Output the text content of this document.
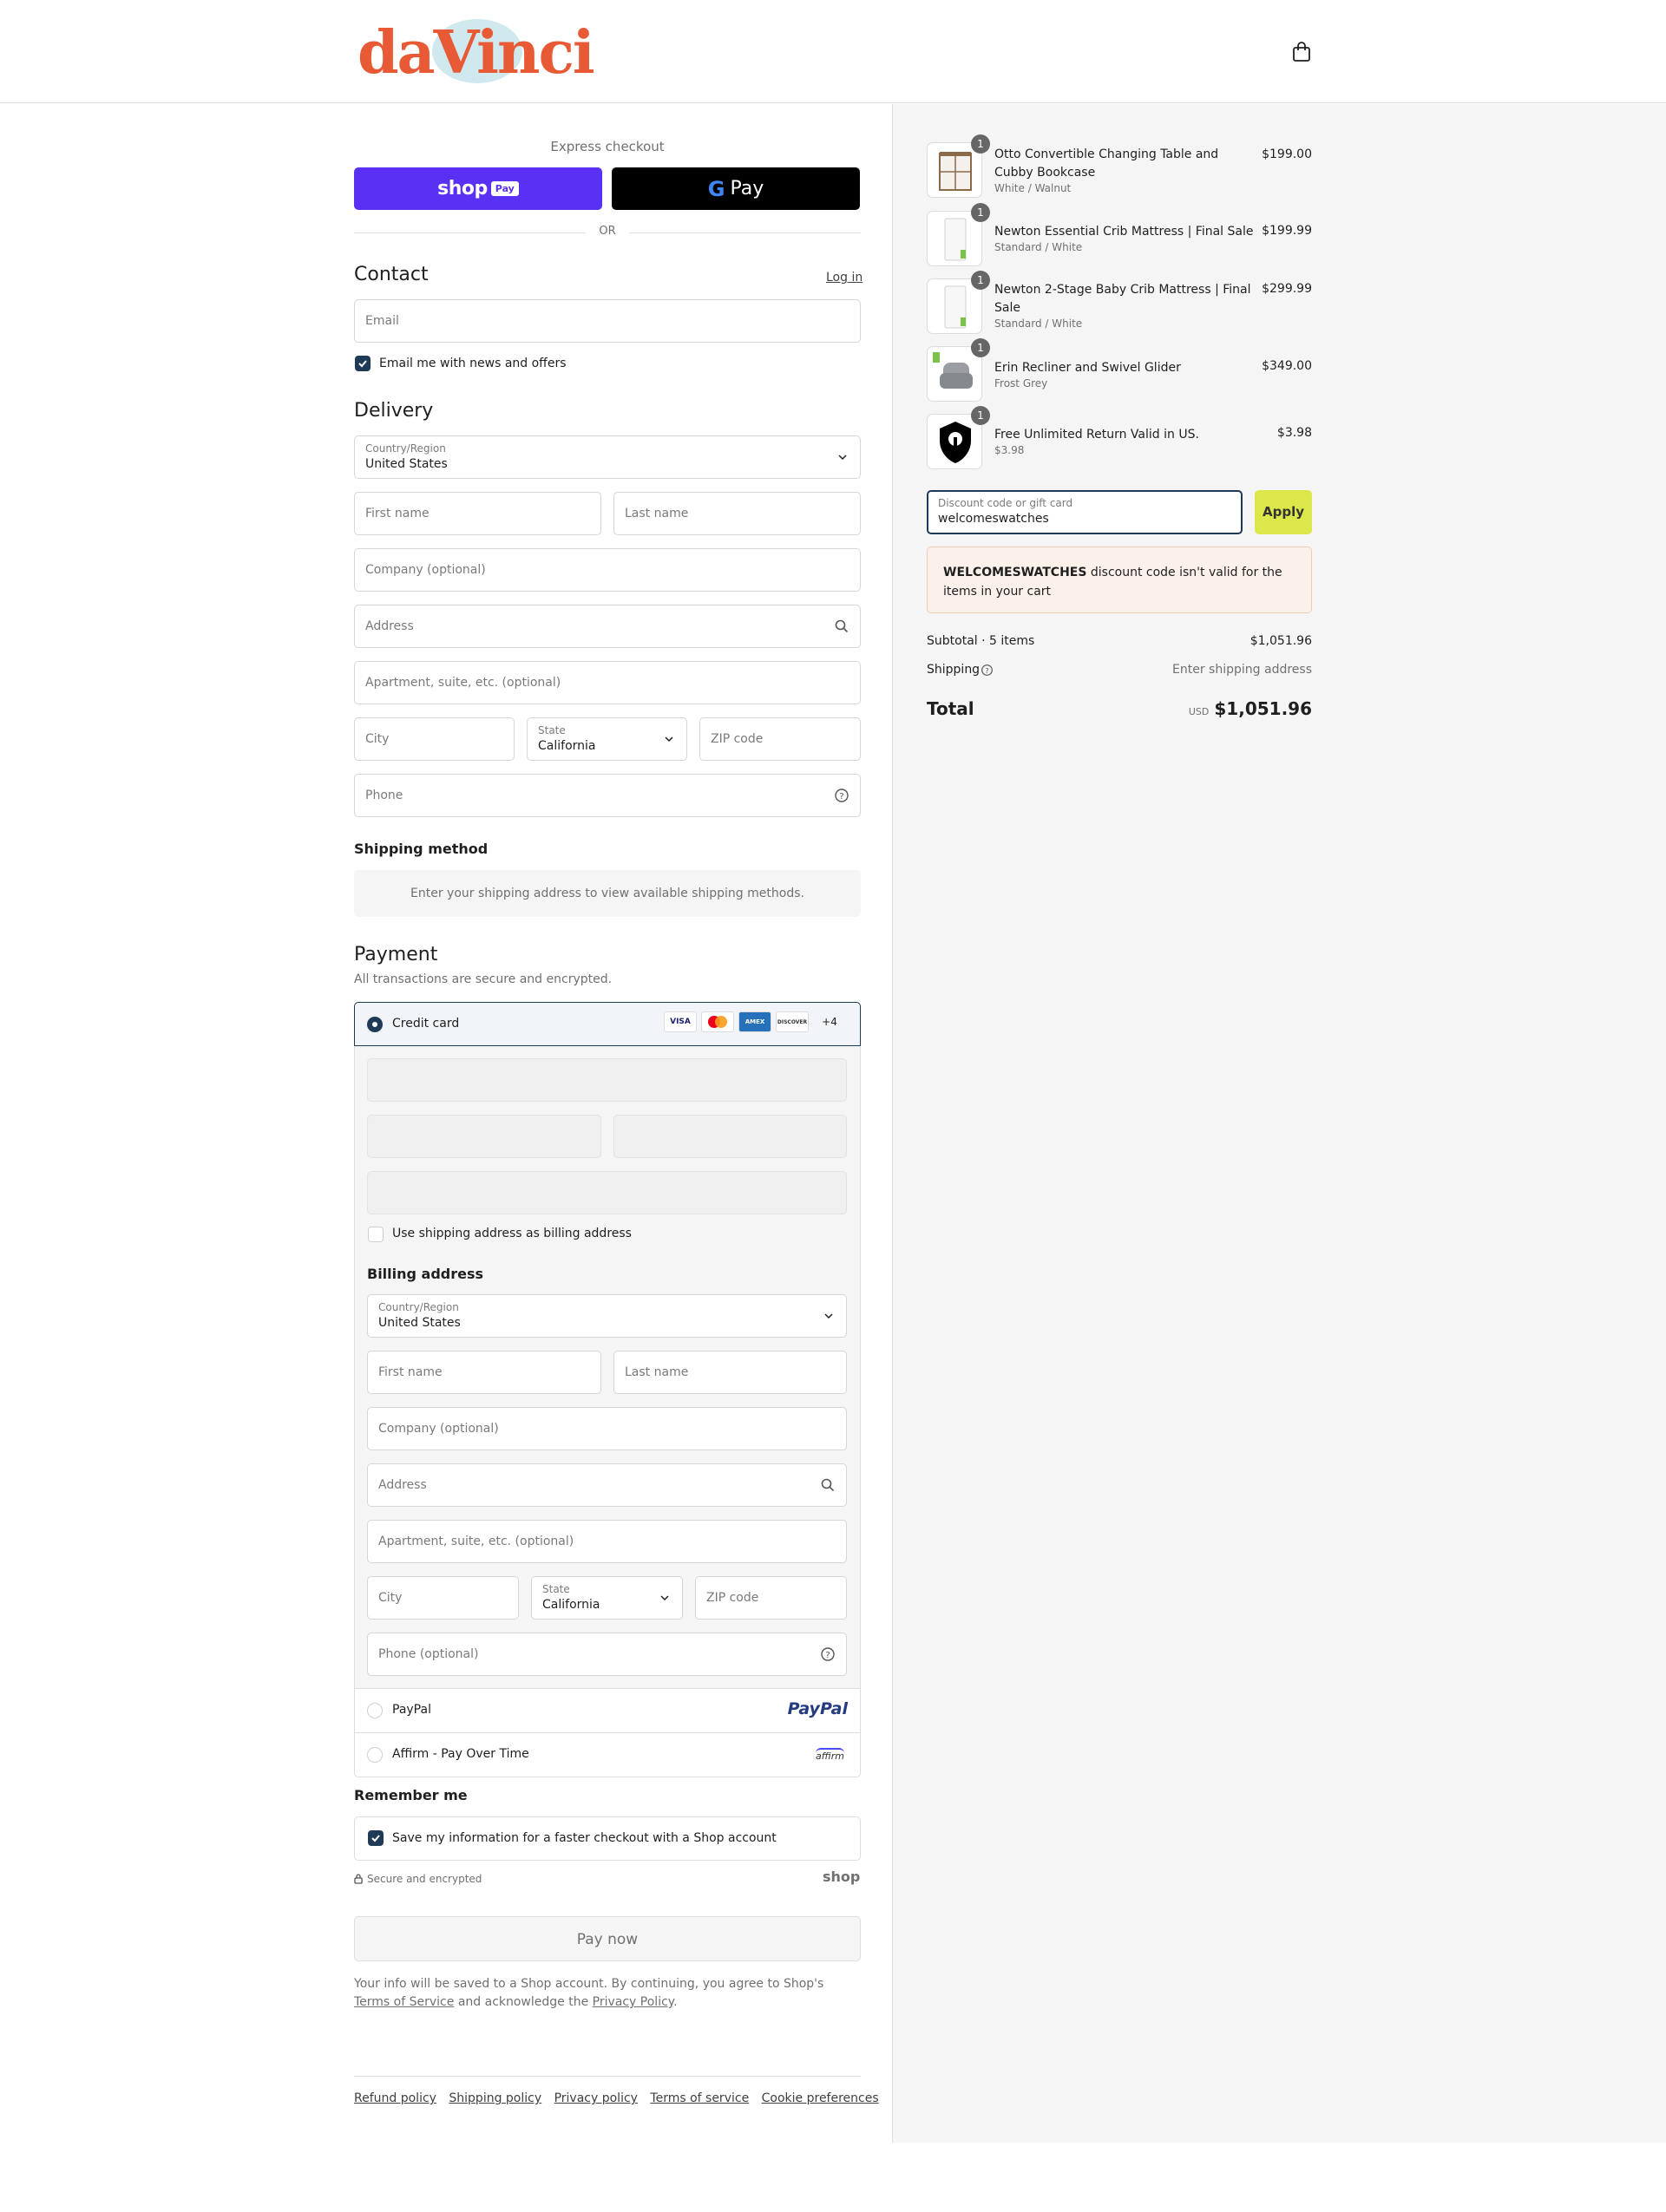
daVinci
Express checkout
shop Pay	G Pay
OR
Contact	Log in
Email
Email me with news and offers
Delivery
Country/Region
United States
First name	Last name
Company (optional)
Address
Apartment, suite, etc. (optional)
City
State
California	ZIP code
Phone	?
Shipping method
Enter your shipping address to view available shipping methods.
Payment
All transactions are secure and encrypted.
Credit card	VISA	AMEX	DISCOVER	+4
Use shipping address as billing address
Billing address
Country/Region
United States
First name	Last name
Company (optional)
Address
Apartment, suite, etc. (optional)
City
State
California	ZIP code
Phone (optional)	?
PayPal	PayPal
Affirm - Pay Over Time	affirm
Remember me
Save my information for a faster checkout with a Shop account
Secure and encrypted	shop
Pay now
Your info will be saved to a Shop account. By continuing, you agree to Shop's Terms of Service and acknowledge the Privacy Policy.
Refund policy Shipping policy Privacy policy Terms of service Cookie preferences
1
Otto Convertible Changing Table and Cubby Bookcase
White / Walnut
$199.00
1
Newton Essential Crib Mattress | Final Sale
Standard / White
$199.99
1
Newton 2-Stage Baby Crib Mattress | Final Sale
Standard / White
$299.99
1
Erin Recliner and Swivel Glider
Frost Grey
$349.00
1
Free Unlimited Return Valid in US.
$3.98
$3.98
Discount code or gift card
welcomeswatches	Apply
WELCOMESWATCHES discount code isn't valid for the items in your cart
Subtotal · 5 items	$1,051.96
Shipping ?	Enter shipping address
Total	USD $1,051.96
